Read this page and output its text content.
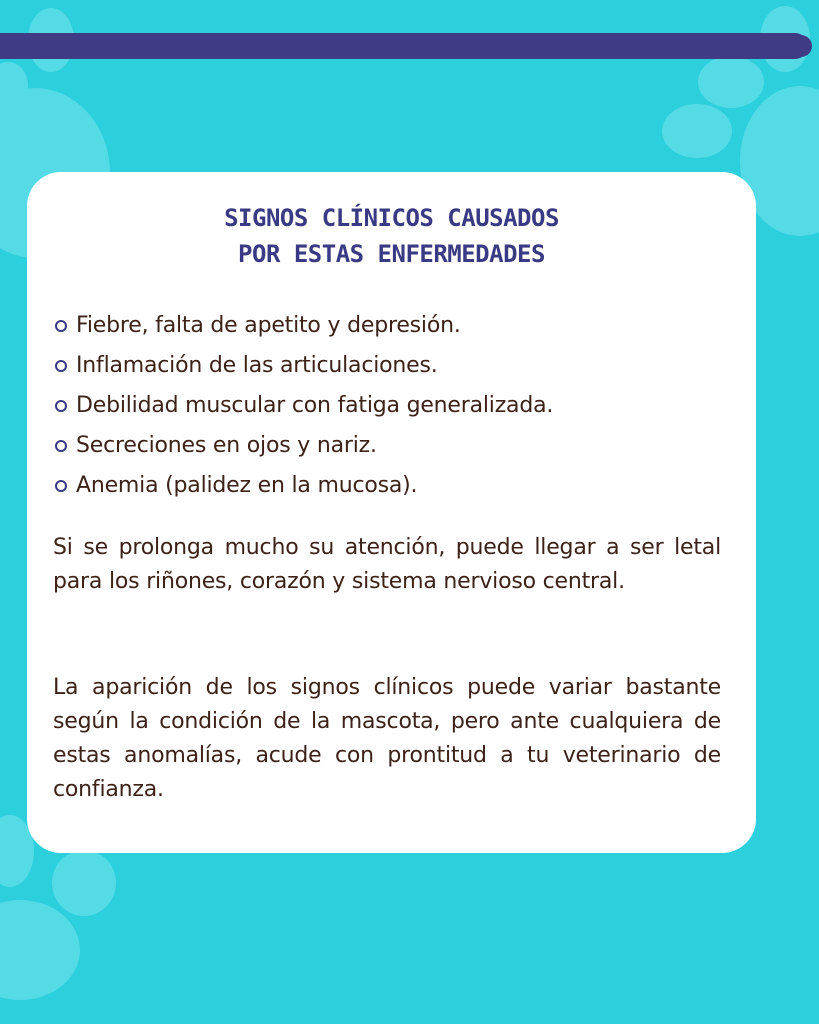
SIGNOS CLÍNICOS CAUSADOS
POR ESTAS ENFERMEDADES
Fiebre, falta de apetito y depresión.
Inflamación de las articulaciones.
Debilidad muscular con fatiga generalizada.
Secreciones en ojos y nariz.
Anemia (palidez en la mucosa).

Si se prolonga mucho su atención, puede llegar a ser letal para los riñones, corazón y sistema nervioso central.

La aparición de los signos clínicos puede variar bastante según la condición de la mascota, pero ante cualquiera de estas anomalías, acude con prontitud a tu veterinario de confianza.
